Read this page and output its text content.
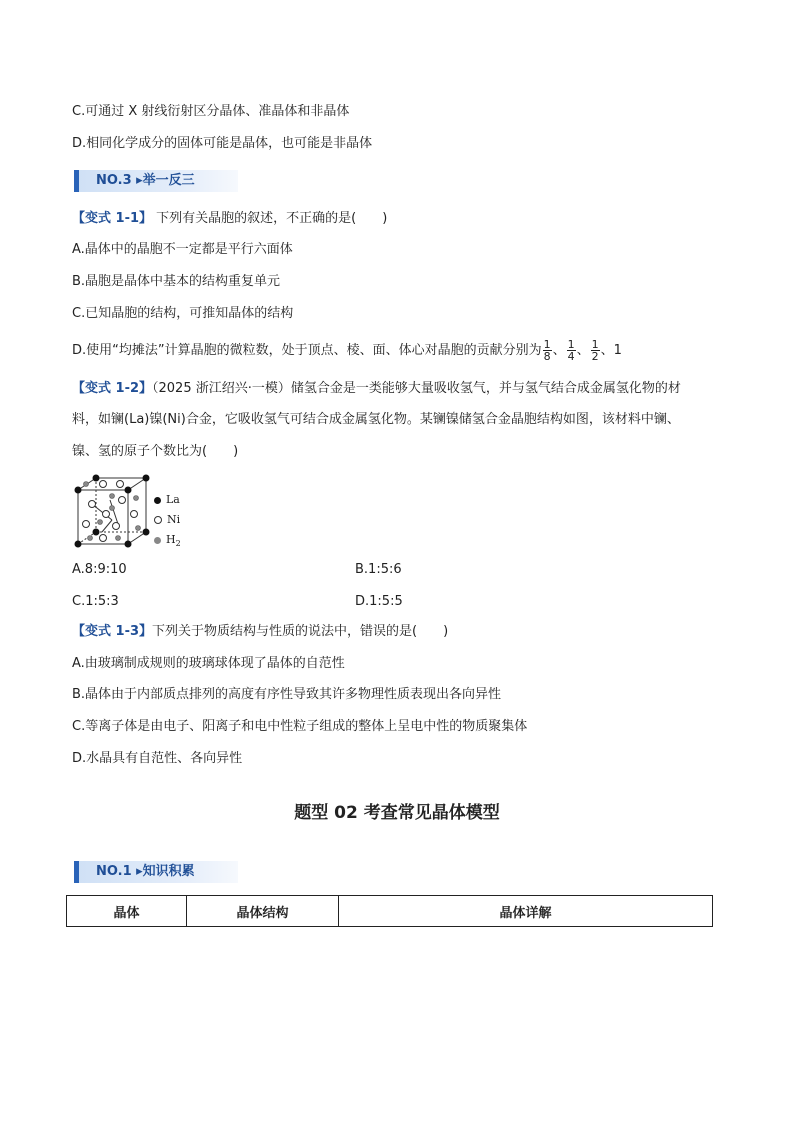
C.可通过 X 射线衍射区分晶体、准晶体和非晶体
D.相同化学成分的固体可能是晶体，也可能是非晶体
NO.3 ▸举一反三
【变式 1-1】 下列有关晶胞的叙述，不正确的是(　　)
A.晶体中的晶胞不一定都是平行六面体
B.晶胞是晶体中基本的结构重复单元
C.已知晶胞的结构，可推知晶体的结构
D.使用“均摊法”计算晶胞的微粒数，处于顶点、棱、面、体心对晶胞的贡献分别为 $\frac{1}{8}$ 、 $\frac{1}{4}$ 、 $\frac{1}{2}$ 、1
【变式 1-2】（2025 浙江绍兴·一模）储氢合金是一类能够大量吸收氢气，并与氢气结合成金属氢化物的材
料，如镧(La)镍(Ni)合金，它吸收氢气可结合成金属氢化物。某镧镍储氢合金晶胞结构如图，该材料中镧、
镍、氢的原子个数比为(　　)
La
Ni
$H_2$
A.8:9:10	B.1:5:6
C.1:5:3	D.1:5:5
【变式 1-3】下列关于物质结构与性质的说法中，错误的是(　　)
A.由玻璃制成规则的玻璃球体现了晶体的自范性
B.晶体由于内部质点排列的高度有序性导致其许多物理性质表现出各向异性
C.等离子体是由电子、阳离子和电中性粒子组成的整体上呈电中性的物质聚集体
D.水晶具有自范性、各向异性
题型 02 考查常见晶体模型
NO.1 ▸知识积累
晶体	晶体结构	晶体详解
